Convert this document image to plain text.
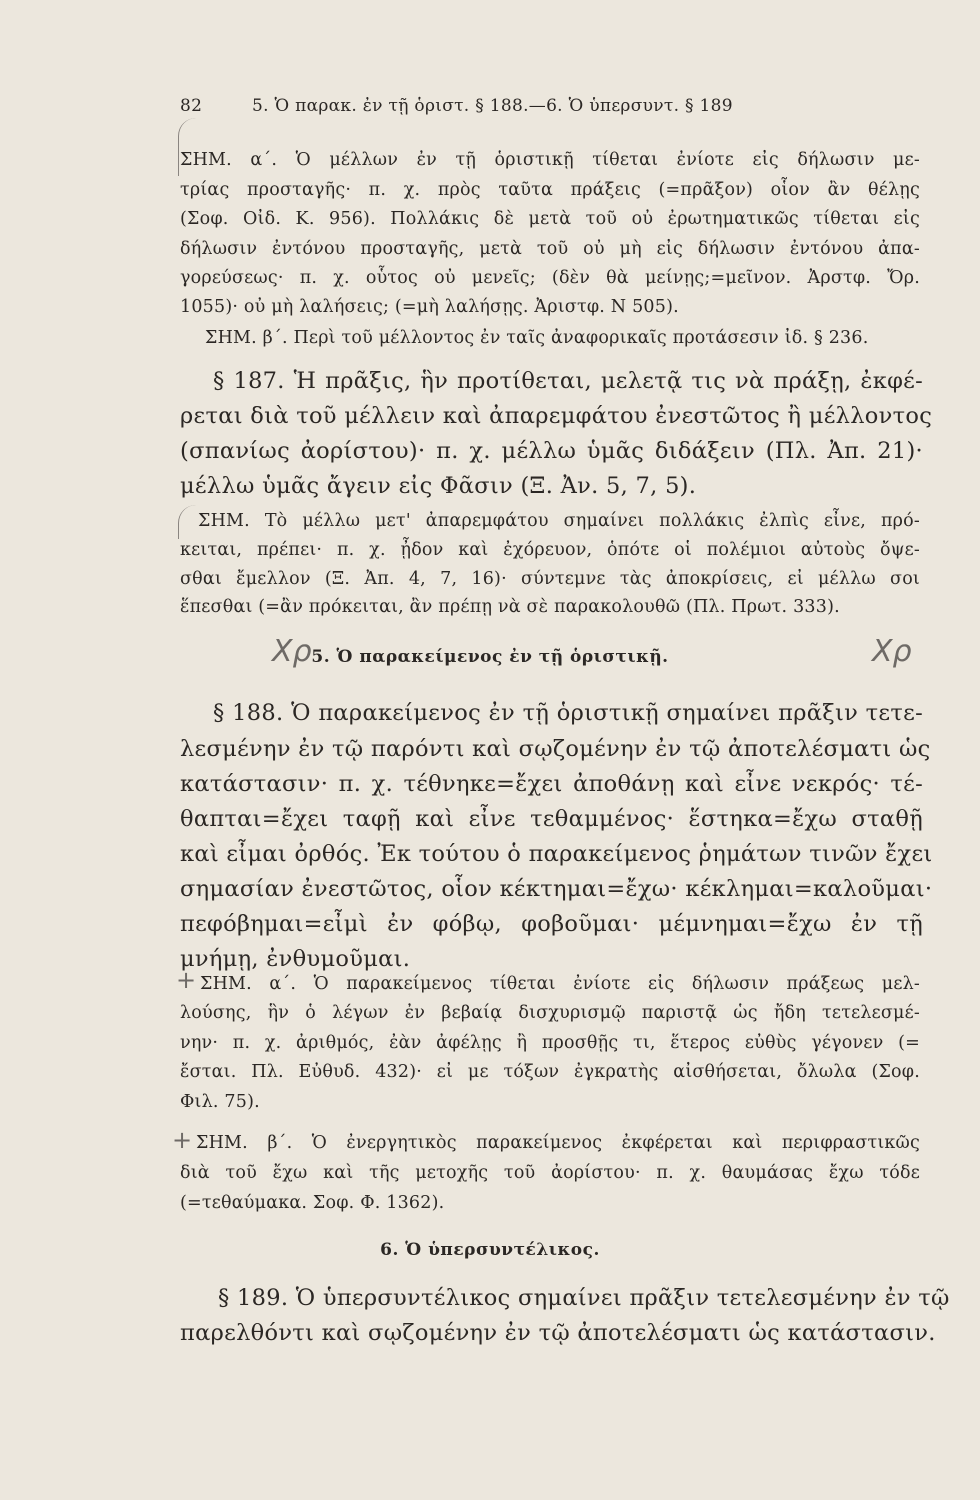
82	5. Ὁ παρακ. ἐν τῇ ὁριστ. § 188.—6. Ὁ ὑπερσυντ. § 189
ΣΗΜ. α΄. Ὁ μέλλων ἐν τῇ ὁριστικῇ τίθεται ἐνίοτε εἰς δήλωσιν με-
τρίας προσταγῆς· π. χ. πρὸς ταῦτα πράξεις (=πρᾶξον) οἷον ἂν θέλῃς
(Σοφ. Οἰδ. Κ. 956). Πολλάκις δὲ μετὰ τοῦ οὐ ἐρωτηματικῶς τίθεται εἰς
δήλωσιν ἐντόνου προσταγῆς, μετὰ τοῦ οὐ μὴ εἰς δήλωσιν ἐντόνου ἀπα-
γορεύσεως· π. χ. οὗτος οὐ μενεῖς; (δὲν θὰ μείνῃς;=μεῖνον. Ἀρστφ. Ὄρ.
1055)· οὐ μὴ λαλήσεις; (=μὴ λαλήσῃς. Ἀριστφ. Ν 505).
ΣΗΜ. β΄. Περὶ τοῦ μέλλοντος ἐν ταῖς ἀναφορικαῖς προτάσεσιν ἰδ. § 236.
§ 187. Ἡ πρᾶξις, ἣν προτίθεται, μελετᾷ τις νὰ πράξῃ, ἐκφέ-
ρεται διὰ τοῦ μέλλειν καὶ ἀπαρεμφάτου ἐνεστῶτος ἢ μέλλοντος
(σπανίως ἀορίστου)· π. χ. μέλλω ὑμᾶς διδάξειν (Πλ. Ἀπ. 21)·
μέλλω ὑμᾶς ἄγειν εἰς Φᾶσιν (Ξ. Ἀν. 5, 7, 5).
ΣΗΜ. Τὸ μέλλω μετ' ἀπαρεμφάτου σημαίνει πολλάκις ἐλπὶς εἶνε, πρό-
κειται, πρέπει· π. χ. ᾖδον καὶ ἐχόρευον, ὁπότε οἱ πολέμιοι αὐτοὺς ὄψε-
σθαι ἔμελλον (Ξ. Ἀπ. 4, 7, 16)· σύντεμνε τὰς ἀποκρίσεις, εἰ μέλλω σοι
ἕπεσθαι (=ἂν πρόκειται, ἂν πρέπῃ νὰ σὲ παρακολουθῶ (Πλ. Πρωτ. 333).
Χρ 5. Ὁ παρακείμενος ἐν τῇ ὁριστικῇ.	Χρ
§ 188. Ὁ παρακείμενος ἐν τῇ ὁριστικῇ σημαίνει πρᾶξιν τετε-
λεσμένην ἐν τῷ παρόντι καὶ σῳζομένην ἐν τῷ ἀποτελέσματι ὡς
κατάστασιν· π. χ. τέθνηκε=ἔχει ἀποθάνῃ καὶ εἶνε νεκρός· τέ-
θαπται=ἔχει ταφῇ καὶ εἶνε τεθαμμένος· ἕστηκα=ἔχω σταθῇ
καὶ εἶμαι ὀρθός. Ἐκ τούτου ὁ παρακείμενος ῥημάτων τινῶν ἔχει
σημασίαν ἐνεστῶτος, οἷον κέκτημαι=ἔχω· κέκλημαι=καλοῦμαι·
πεφόβημαι=εἶμὶ ἐν φόβῳ, φοβοῦμαι· μέμνημαι=ἔχω ἐν τῇ
μνήμῃ, ἐνθυμοῦμαι.
+ ΣΗΜ. α΄. Ὁ παρακείμενος τίθεται ἐνίοτε εἰς δήλωσιν πράξεως μελ-
λούσης, ἣν ὁ λέγων ἐν βεβαίᾳ δισχυρισμῷ παριστᾷ ὡς ἤδη τετελεσμέ-
νην· π. χ. ἀριθμός, ἐὰν ἀφέλῃς ἢ προσθῇς τι, ἕτερος εὐθὺς γέγονεν (=
ἔσται. Πλ. Εὐθυδ. 432)· εἰ με τόξων ἐγκρατὴς αἰσθήσεται, ὄλωλα (Σοφ.
Φιλ. 75).
+ ΣΗΜ. β΄. Ὁ ἐνεργητικὸς παρακείμενος ἐκφέρεται καὶ περιφραστικῶς
διὰ τοῦ ἔχω καὶ τῆς μετοχῆς τοῦ ἀορίστου· π. χ. θαυμάσας ἔχω τόδε
(=τεθαύμακα. Σοφ. Φ. 1362).
6. Ὁ ὑπερσυντέλικος.
§ 189. Ὁ ὑπερσυντέλικος σημαίνει πρᾶξιν τετελεσμένην ἐν τῷ
παρελθόντι καὶ σῳζομένην ἐν τῷ ἀποτελέσματι ὡς κατάστασιν.
